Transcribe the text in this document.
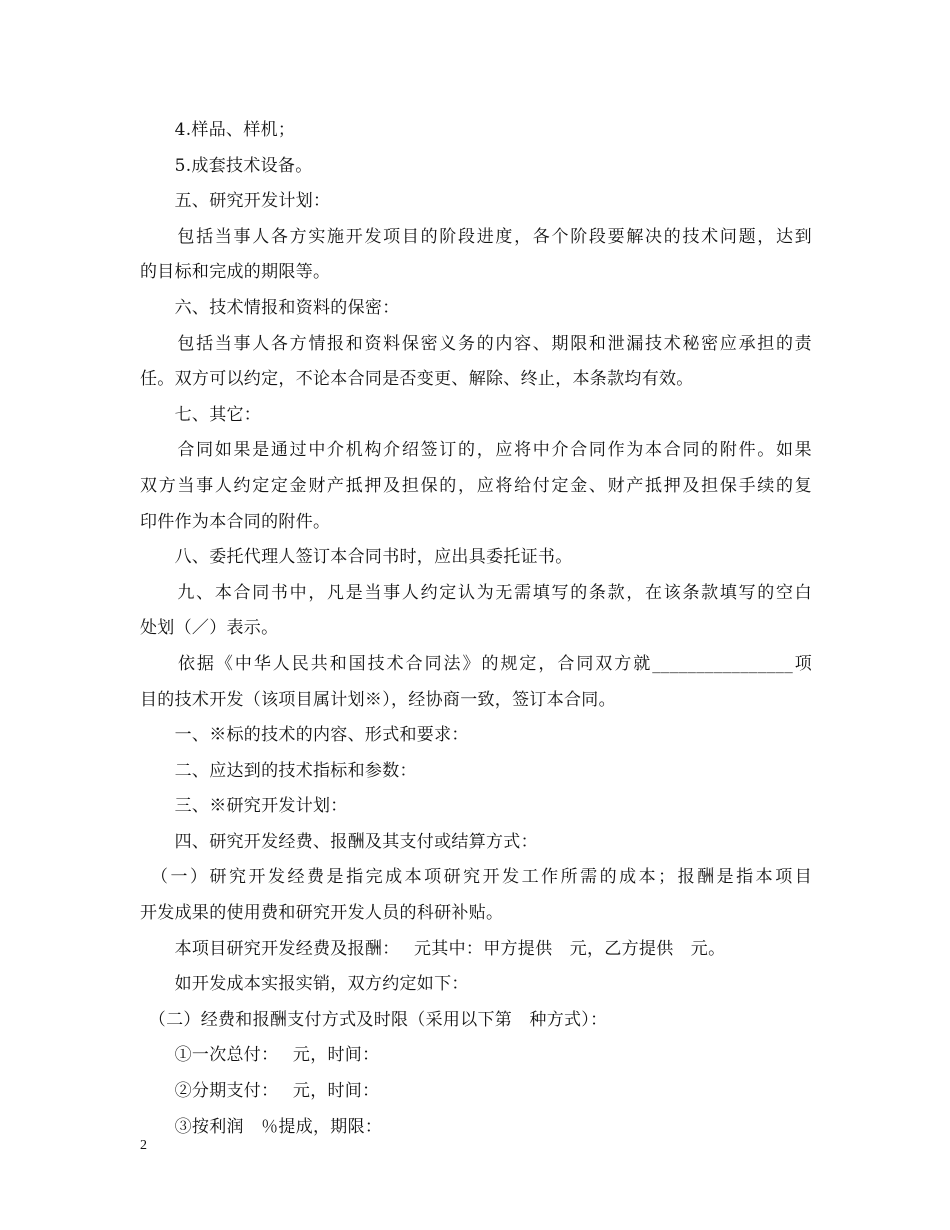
　　4.样品、样机；
　　5.成套技术设备。
　　五、研究开发计划：
　　包括当事人各方实施开发项目的阶段进度，各个阶段要解决的技术问题，达到
的目标和完成的期限等。
　　六、技术情报和资料的保密：
　　包括当事人各方情报和资料保密义务的内容、期限和泄漏技术秘密应承担的责
任。双方可以约定，不论本合同是否变更、解除、终止，本条款均有效。
　　七、其它：
　　合同如果是通过中介机构介绍签订的，应将中介合同作为本合同的附件。如果
双方当事人约定定金财产抵押及担保的，应将给付定金、财产抵押及担保手续的复
印件作为本合同的附件。
　　八、委托代理人签订本合同书时，应出具委托证书。
　　九、本合同书中，凡是当事人约定认为无需填写的条款，在该条款填写的空白
处划（／）表示。
　　依据《中华人民共和国技术合同法》的规定，合同双方就________________项
目的技术开发（该项目属计划※），经协商一致，签订本合同。
　　一、※标的技术的内容、形式和要求：
　　二、应达到的技术指标和参数：
　　三、※研究开发计划：
　　四、研究开发经费、报酬及其支付或结算方式：
　（一）研究开发经费是指完成本项研究开发工作所需的成本；报酬是指本项目
开发成果的使用费和研究开发人员的科研补贴。
　　本项目研究开发经费及报酬：　 元其中：甲方提供　元，乙方提供　元。
　　如开发成本实报实销，双方约定如下：
　（二）经费和报酬支付方式及时限（采用以下第　种方式）：
　　①一次总付：　 元，时间：
　　②分期支付：　 元，时间：
　　③按利润　％提成，期限：
2
